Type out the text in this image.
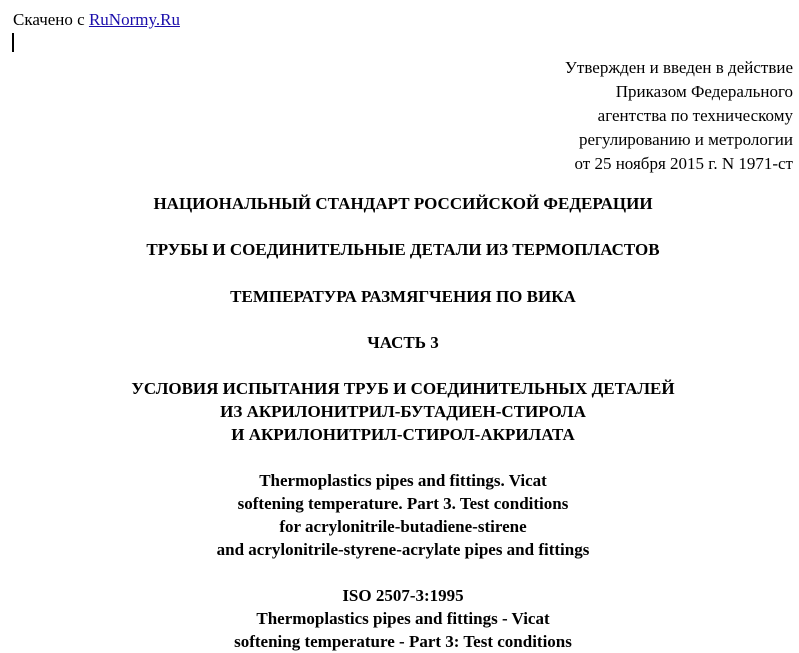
Скачено с RuNormy.Ru
Утвержден и введен в действие
Приказом Федерального
агентства по техническому
регулированию и метрологии
от 25 ноября 2015 г. N 1971-ст
НАЦИОНАЛЬНЫЙ СТАНДАРТ РОССИЙСКОЙ ФЕДЕРАЦИИ
ТРУБЫ И СОЕДИНИТЕЛЬНЫЕ ДЕТАЛИ ИЗ ТЕРМОПЛАСТОВ
ТЕМПЕРАТУРА РАЗМЯГЧЕНИЯ ПО ВИКА
ЧАСТЬ 3
УСЛОВИЯ ИСПЫТАНИЯ ТРУБ И СОЕДИНИТЕЛЬНЫХ ДЕТАЛЕЙ
ИЗ АКРИЛОНИТРИЛ-БУТАДИЕН-СТИРОЛА
И АКРИЛОНИТРИЛ-СТИРОЛ-АКРИЛАТА
Thermoplastics pipes and fittings. Vicat
softening temperature. Part 3. Test conditions
for acrylonitrile-butadiene-stirene
and acrylonitrile-styrene-acrylate pipes and fittings
ISO 2507-3:1995
Thermoplastics pipes and fittings - Vicat
softening temperature - Part 3: Test conditions
